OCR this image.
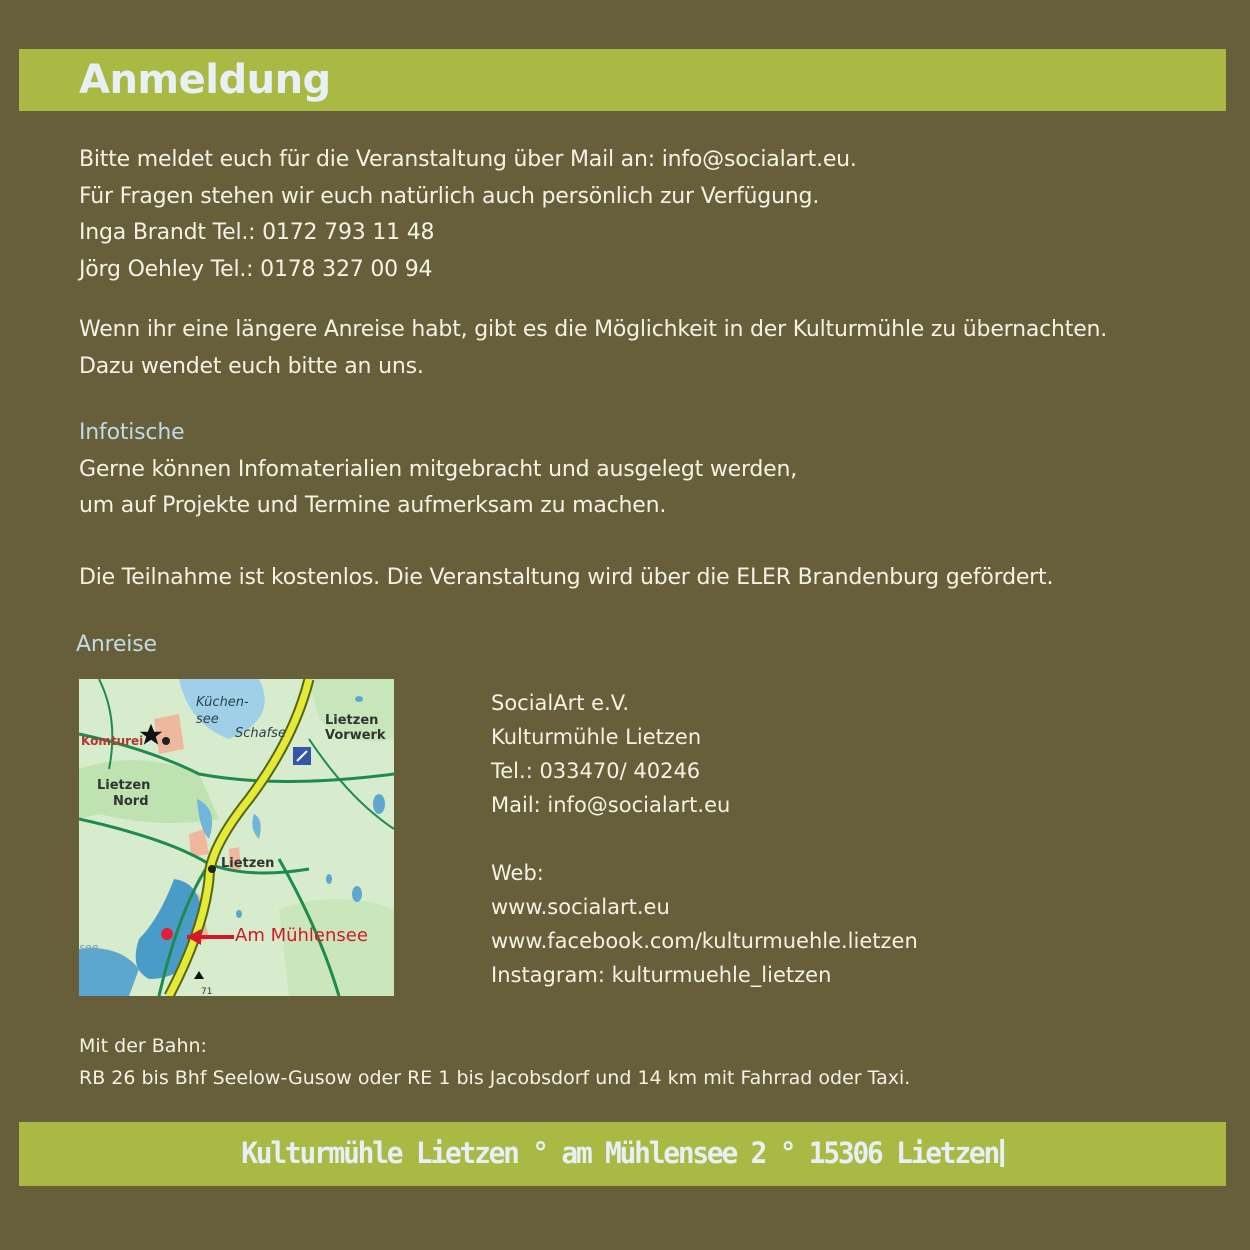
Anmeldung
Bitte meldet euch für die Veranstaltung über Mail an: info@socialart.eu.
Für Fragen stehen wir euch natürlich auch persönlich zur Verfügung.
Inga Brandt Tel.: 0172 793 11 48
Jörg Oehley Tel.: 0178 327 00 94
Wenn ihr eine längere Anreise habt, gibt es die Möglichkeit in der Kulturmühle zu übernachten.
Dazu wendet euch bitte an uns.
Infotische
Gerne können Infomaterialien mitgebracht und ausgelegt werden,
um auf Projekte und Termine aufmerksam zu machen.
Die Teilnahme ist kostenlos. Die Veranstaltung wird über die ELER Brandenburg gefördert.
Anreise
Küchen-
see
Schafse
Lietzen
Vorwerk
Komturei
Lietzen
Nord
Lietzen
Am Mühlensee
see
71
SocialArt e.V.
Kulturmühle Lietzen
Tel.: 033470/ 40246
Mail: info@socialart.eu
Web:
www.socialart.eu
www.facebook.com/kulturmuehle.lietzen
Instagram: kulturmuehle_lietzen
Mit der Bahn:
RB 26 bis Bhf Seelow-Gusow oder RE 1 bis Jacobsdorf und 14 km mit Fahrrad oder Taxi.
Kulturmühle Lietzen ° am Mühlensee 2 ° 15306 Lietzen
